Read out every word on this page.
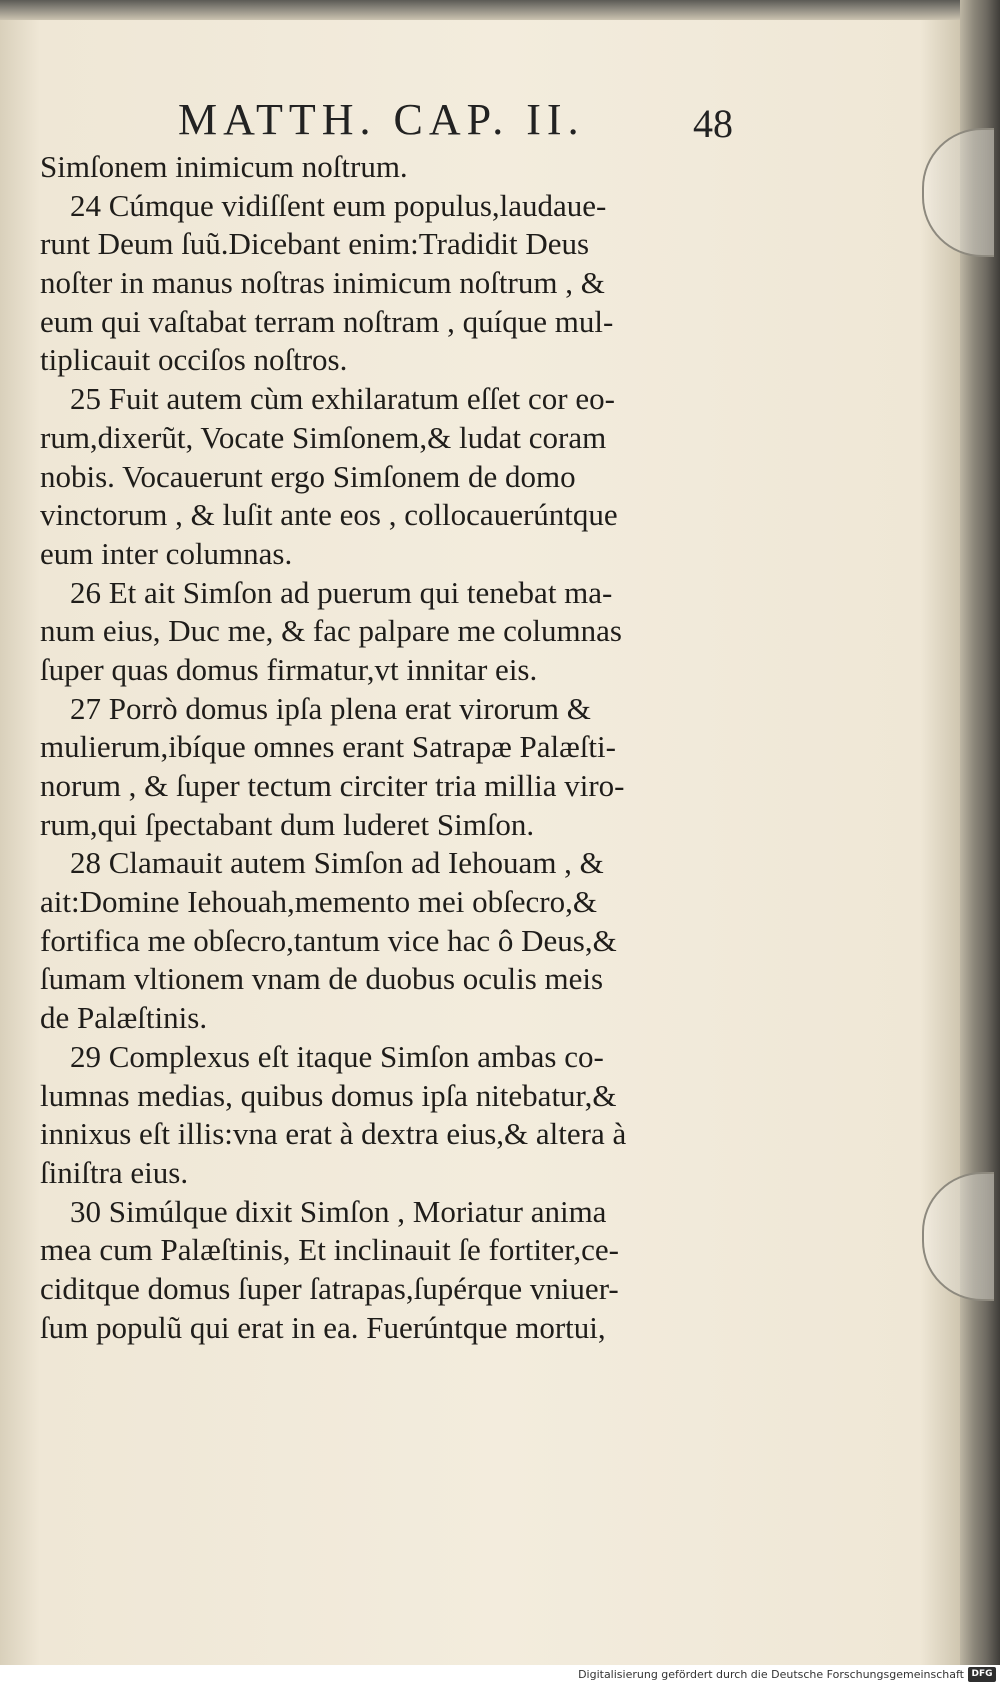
MATTH. CAP. II.	48
Simſonem inimicum noſtrum.
24 Cúmque vidiſſent eum populus,laudaue-
runt Deum ſuũ.Dicebant enim:Tradidit Deus
noſter in manus noſtras inimicum noſtrum , &
eum qui vaſtabat terram noſtram , quíque mul-
tiplicauit occiſos noſtros.
25 Fuit autem cùm exhilaratum eſſet cor eo-
rum,dixerũt, Vocate Simſonem,& ludat coram
nobis. Vocauerunt ergo Simſonem de domo
vinctorum , & luſit ante eos , collocauerúntque
eum inter columnas.
26 Et ait Simſon ad puerum qui tenebat ma-
num eius, Duc me, & fac palpare me columnas
ſuper quas domus firmatur,vt innitar eis.
27 Porrò domus ipſa plena erat virorum &
mulierum,ibíque omnes erant Satrapæ Palæſti-
norum , & ſuper tectum circiter tria millia viro-
rum,qui ſpectabant dum luderet Simſon.
28 Clamauit autem Simſon ad Iehouam , &
ait:Domine Iehouah,memento mei obſecro,&
fortifica me obſecro,tantum vice hac ô Deus,&
ſumam vltionem vnam de duobus oculis meis
de Palæſtinis.
29 Complexus eſt itaque Simſon ambas co-
lumnas medias, quibus domus ipſa nitebatur,&
innixus eſt illis:vna erat à dextra eius,& altera à
ſiniſtra eius.
30 Simúlque dixit Simſon , Moriatur anima
mea cum Palæſtinis, Et inclinauit ſe fortiter,ce-
ciditque domus ſuper ſatrapas,ſupérque vniuer-
ſum populũ qui erat in ea. Fuerúntque mortui,
Digitalisierung gefördert durch die Deutsche Forschungsgemeinschaft DFG
